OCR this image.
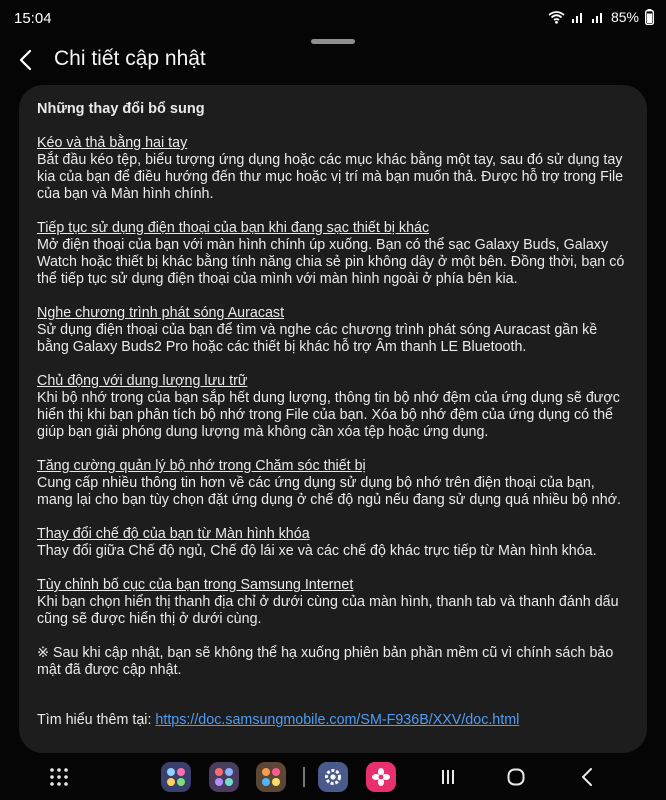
15:04	85%
Chi tiết cập nhật
Những thay đổi bổ sung
Kéo và thả bằng hai tay
Bắt đầu kéo tệp, biểu tượng ứng dụng hoặc các mục khác bằng một tay, sau đó sử dụng tay kia của bạn để điều hướng đến thư mục hoặc vị trí mà bạn muốn thả. Được hỗ trợ trong File của bạn và Màn hình chính.
Tiếp tục sử dụng điện thoại của bạn khi đang sạc thiết bị khác
Mở điện thoại của bạn với màn hình chính úp xuống. Bạn có thể sạc Galaxy Buds, Galaxy Watch hoặc thiết bị khác bằng tính năng chia sẻ pin không dây ở một bên. Đồng thời, bạn có thể tiếp tục sử dụng điện thoại của mình với màn hình ngoài ở phía bên kia.
Nghe chương trình phát sóng Auracast
Sử dụng điện thoại của bạn để tìm và nghe các chương trình phát sóng Auracast gần kề bằng Galaxy Buds2 Pro hoặc các thiết bị khác hỗ trợ Âm thanh LE Bluetooth.
Chủ động với dung lượng lưu trữ
Khi bộ nhớ trong của bạn sắp hết dung lượng, thông tin bộ nhớ đệm của ứng dụng sẽ được hiển thị khi bạn phân tích bộ nhớ trong File của bạn. Xóa bộ nhớ đệm của ứng dụng có thể giúp bạn giải phóng dung lượng mà không cần xóa tệp hoặc ứng dụng.
Tăng cường quản lý bộ nhớ trong Chăm sóc thiết bị
Cung cấp nhiều thông tin hơn về các ứng dụng sử dụng bộ nhớ trên điện thoại của bạn, mang lại cho bạn tùy chọn đặt ứng dụng ở chế độ ngủ nếu đang sử dụng quá nhiều bộ nhớ.
Thay đổi chế độ của bạn từ Màn hình khóa
Thay đổi giữa Chế độ ngủ, Chế độ lái xe và các chế độ khác trực tiếp từ Màn hình khóa.
Tùy chỉnh bố cục của bạn trong Samsung Internet
Khi bạn chọn hiển thị thanh địa chỉ ở dưới cùng của màn hình, thanh tab và thanh đánh dấu cũng sẽ được hiển thị ở dưới cùng.
※ Sau khi cập nhật, bạn sẽ không thể hạ xuống phiên bản phần mềm cũ vì chính sách bảo mật đã được cập nhật.
Tìm hiểu thêm tại: https://doc.samsungmobile.com/SM-F936B/XXV/doc.html
